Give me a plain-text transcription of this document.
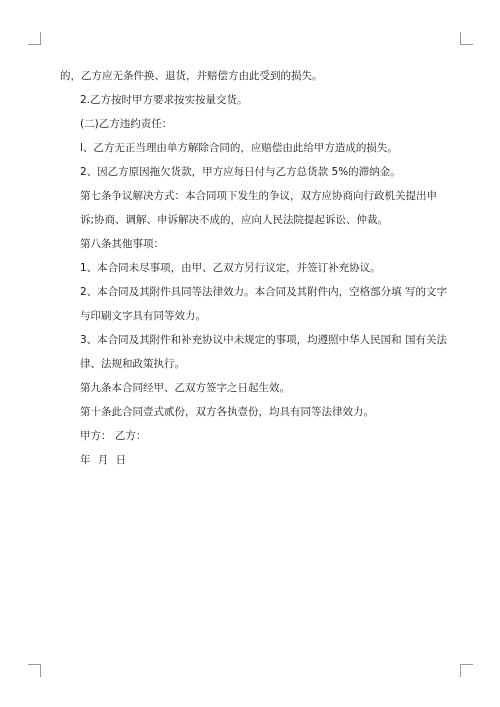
的，乙方应无条件换、退货，并赔偿方由此受到的损失。

2.乙方按时甲方要求按实按量交货。

(二)乙方违约责任：

l、乙方无正当理由单方解除合同的，应赔偿由此给甲方造成的损失。

2、因乙方原因拖欠货款，甲方应每日付与乙方总货款 5%的滞纳金。

第七条争议解决方式：本合同项下发生的争议，双方应协商向行政机关提出申诉;协商、调解、申诉解决不成的，应向人民法院提起诉讼、仲裁。

第八条其他事项：

1、本合同未尽事项，由甲、乙双方另行议定，并签订补充协议。

2、本合同及其附件具同等法律效力。本合同及其附件内，空格部分填 写的文字与印刷文字具有同等效力。

3、本合同及其附件和补充协议中未规定的事项，均遵照中华人民国和 国有关法律、法规和政策执行。

第九条本合同经甲、乙双方签字之日起生效。

第十条此合同壹式贰份，双方各执壹份，均具有同等法律效力。

甲方： 乙方：

年 月 日
